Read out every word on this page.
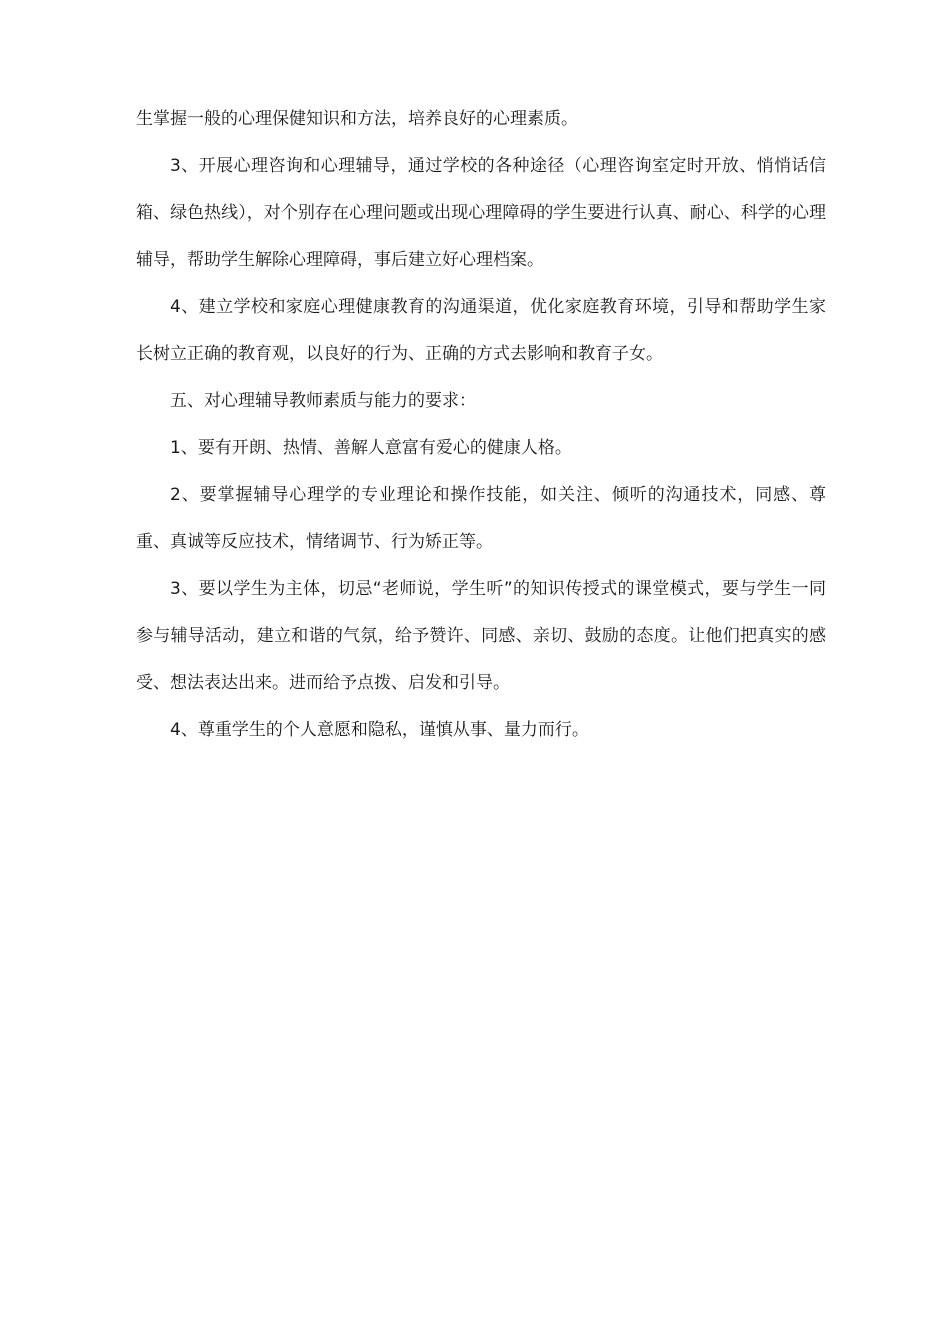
生掌握一般的心理保健知识和方法，培养良好的心理素质。

3、开展心理咨询和心理辅导，通过学校的各种途径（心理咨询室定时开放、悄悄话信箱、绿色热线），对个别存在心理问题或出现心理障碍的学生要进行认真、耐心、科学的心理辅导，帮助学生解除心理障碍，事后建立好心理档案。

4、建立学校和家庭心理健康教育的沟通渠道，优化家庭教育环境，引导和帮助学生家长树立正确的教育观，以良好的行为、正确的方式去影响和教育子女。

五、对心理辅导教师素质与能力的要求：

1、要有开朗、热情、善解人意富有爱心的健康人格。

2、要掌握辅导心理学的专业理论和操作技能，如关注、倾听的沟通技术，同感、尊重、真诚等反应技术，情绪调节、行为矫正等。

3、要以学生为主体，切忌“老师说，学生听”的知识传授式的课堂模式，要与学生一同参与辅导活动，建立和谐的气氛，给予赞许、同感、亲切、鼓励的态度。让他们把真实的感受、想法表达出来。进而给予点拨、启发和引导。

4、尊重学生的个人意愿和隐私，谨慎从事、量力而行。
